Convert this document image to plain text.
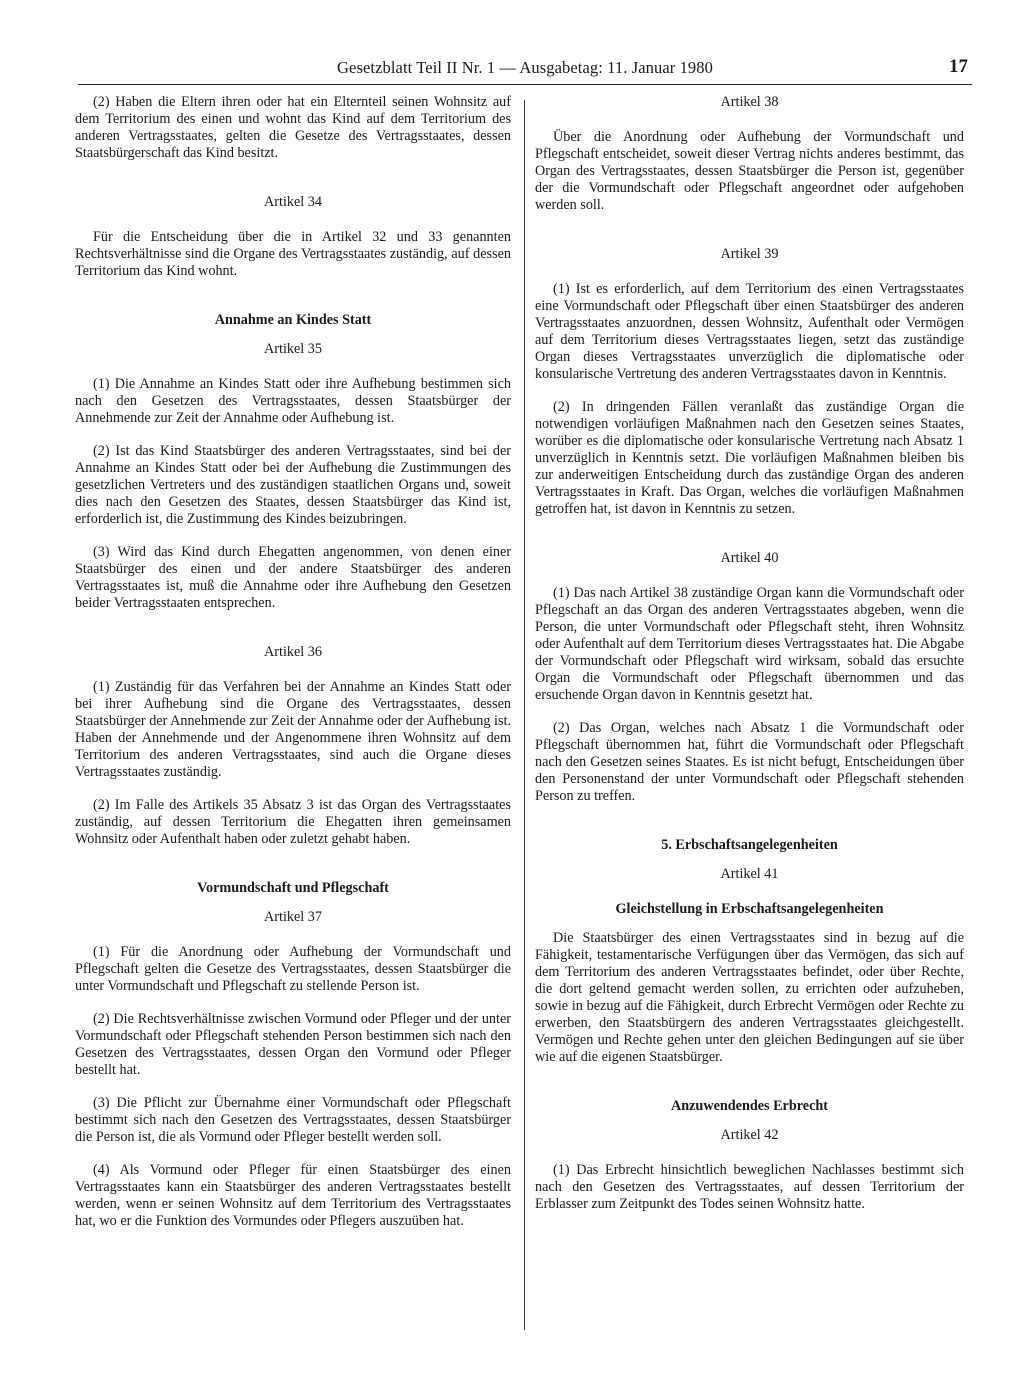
Gesetzblatt Teil II Nr. 1 — Ausgabetag: 11. Januar 1980	17

(2) Haben die Eltern ihren oder hat ein Elternteil seinen Wohnsitz auf dem Territorium des einen und wohnt das Kind auf dem Territorium des anderen Vertragsstaates, gelten die Gesetze des Vertragsstaates, dessen Staatsbürgerschaft das Kind besitzt.

Artikel 34

Für die Entscheidung über die in Artikel 32 und 33 genannten Rechtsverhältnisse sind die Organe des Vertragsstaates zuständig, auf dessen Territorium das Kind wohnt.

Annahme an Kindes Statt
Artikel 35

(1) Die Annahme an Kindes Statt oder ihre Aufhebung bestimmen sich nach den Gesetzen des Vertragsstaates, dessen Staatsbürger der Annehmende zur Zeit der Annahme oder Aufhebung ist.

(2) Ist das Kind Staatsbürger des anderen Vertragsstaates, sind bei der Annahme an Kindes Statt oder bei der Aufhebung die Zustimmungen des gesetzlichen Vertreters und des zuständigen staatlichen Organs und, soweit dies nach den Gesetzen des Staates, dessen Staatsbürger das Kind ist, erforderlich ist, die Zustimmung des Kindes beizubringen.

(3) Wird das Kind durch Ehegatten angenommen, von denen einer Staatsbürger des einen und der andere Staatsbürger des anderen Vertragsstaates ist, muß die Annahme oder ihre Aufhebung den Gesetzen beider Vertragsstaaten entsprechen.

Artikel 36

(1) Zuständig für das Verfahren bei der Annahme an Kindes Statt oder bei ihrer Aufhebung sind die Organe des Vertragsstaates, dessen Staatsbürger der Annehmende zur Zeit der Annahme oder der Aufhebung ist. Haben der Annehmende und der Angenommene ihren Wohnsitz auf dem Territorium des anderen Vertragsstaates, sind auch die Organe dieses Vertragsstaates zuständig.

(2) Im Falle des Artikels 35 Absatz 3 ist das Organ des Vertragsstaates zuständig, auf dessen Territorium die Ehegatten ihren gemeinsamen Wohnsitz oder Aufenthalt haben oder zuletzt gehabt haben.

Vormundschaft und Pflegschaft
Artikel 37

(1) Für die Anordnung oder Aufhebung der Vormundschaft und Pflegschaft gelten die Gesetze des Vertragsstaates, dessen Staatsbürger die unter Vormundschaft und Pflegschaft zu stellende Person ist.

(2) Die Rechtsverhältnisse zwischen Vormund oder Pfleger und der unter Vormundschaft oder Pflegschaft stehenden Person bestimmen sich nach den Gesetzen des Vertragsstaates, dessen Organ den Vormund oder Pfleger bestellt hat.

(3) Die Pflicht zur Übernahme einer Vormundschaft oder Pflegschaft bestimmt sich nach den Gesetzen des Vertragsstaates, dessen Staatsbürger die Person ist, die als Vormund oder Pfleger bestellt werden soll.

(4) Als Vormund oder Pfleger für einen Staatsbürger des einen Vertragsstaates kann ein Staatsbürger des anderen Vertragsstaates bestellt werden, wenn er seinen Wohnsitz auf dem Territorium des Vertragsstaates hat, wo er die Funktion des Vormundes oder Pflegers auszuüben hat.

Artikel 38

Über die Anordnung oder Aufhebung der Vormundschaft und Pflegschaft entscheidet, soweit dieser Vertrag nichts anderes bestimmt, das Organ des Vertragsstaates, dessen Staatsbürger die Person ist, gegenüber der die Vormundschaft oder Pflegschaft angeordnet oder aufgehoben werden soll.

Artikel 39

(1) Ist es erforderlich, auf dem Territorium des einen Vertragsstaates eine Vormundschaft oder Pflegschaft über einen Staatsbürger des anderen Vertragsstaates anzuordnen, dessen Wohnsitz, Aufenthalt oder Vermögen auf dem Territorium dieses Vertragsstaates liegen, setzt das zuständige Organ dieses Vertragsstaates unverzüglich die diplomatische oder konsularische Vertretung des anderen Vertragsstaates davon in Kenntnis.

(2) In dringenden Fällen veranlaßt das zuständige Organ die notwendigen vorläufigen Maßnahmen nach den Gesetzen seines Staates, worüber es die diplomatische oder konsularische Vertretung nach Absatz 1 unverzüglich in Kenntnis setzt. Die vorläufigen Maßnahmen bleiben bis zur anderweitigen Entscheidung durch das zuständige Organ des anderen Vertragsstaates in Kraft. Das Organ, welches die vorläufigen Maßnahmen getroffen hat, ist davon in Kenntnis zu setzen.

Artikel 40

(1) Das nach Artikel 38 zuständige Organ kann die Vormundschaft oder Pflegschaft an das Organ des anderen Vertragsstaates abgeben, wenn die Person, die unter Vormundschaft oder Pflegschaft steht, ihren Wohnsitz oder Aufenthalt auf dem Territorium dieses Vertragsstaates hat. Die Abgabe der Vormundschaft oder Pflegschaft wird wirksam, sobald das ersuchte Organ die Vormundschaft oder Pflegschaft übernommen und das ersuchende Organ davon in Kenntnis gesetzt hat.

(2) Das Organ, welches nach Absatz 1 die Vormundschaft oder Pflegschaft übernommen hat, führt die Vormundschaft oder Pflegschaft nach den Gesetzen seines Staates. Es ist nicht befugt, Entscheidungen über den Personenstand der unter Vormundschaft oder Pflegschaft stehenden Person zu treffen.

5. Erbschaftsangelegenheiten
Artikel 41
Gleichstellung in Erbschaftsangelegenheiten

Die Staatsbürger des einen Vertragsstaates sind in bezug auf die Fähigkeit, testamentarische Verfügungen über das Vermögen, das sich auf dem Territorium des anderen Vertragsstaates befindet, oder über Rechte, die dort geltend gemacht werden sollen, zu errichten oder aufzuheben, sowie in bezug auf die Fähigkeit, durch Erbrecht Vermögen oder Rechte zu erwerben, den Staatsbürgern des anderen Vertragsstaates gleichgestellt. Vermögen und Rechte gehen unter den gleichen Bedingungen auf sie über wie auf die eigenen Staatsbürger.

Anzuwendendes Erbrecht
Artikel 42

(1) Das Erbrecht hinsichtlich beweglichen Nachlasses bestimmt sich nach den Gesetzen des Vertragsstaates, auf dessen Territorium der Erblasser zum Zeitpunkt des Todes seinen Wohnsitz hatte.
